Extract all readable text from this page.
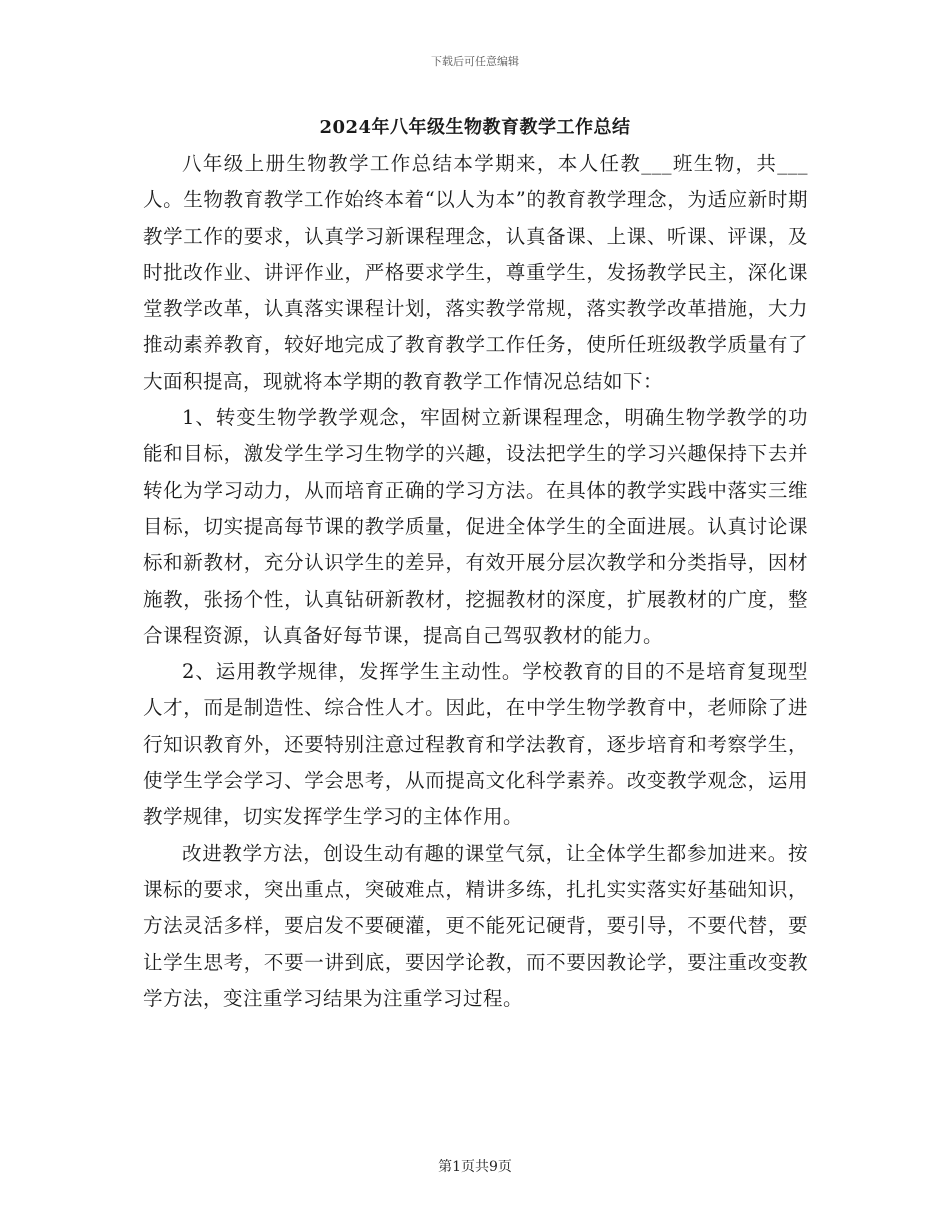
下载后可任意编辑
2024年八年级生物教育教学工作总结

八年级上册生物教学工作总结本学期来，本人任教___班生物，共___人。生物教育教学工作始终本着“以人为本”的教育教学理念，为适应新时期教学工作的要求，认真学习新课程理念，认真备课、上课、听课、评课，及时批改作业、讲评作业，严格要求学生，尊重学生，发扬教学民主，深化课堂教学改革，认真落实课程计划，落实教学常规，落实教学改革措施，大力推动素养教育，较好地完成了教育教学工作任务，使所任班级教学质量有了大面积提高，现就将本学期的教育教学工作情况总结如下：

1、转变生物学教学观念，牢固树立新课程理念，明确生物学教学的功能和目标，激发学生学习生物学的兴趣，设法把学生的学习兴趣保持下去并转化为学习动力，从而培育正确的学习方法。在具体的教学实践中落实三维目标，切实提高每节课的教学质量，促进全体学生的全面进展。认真讨论课标和新教材，充分认识学生的差异，有效开展分层次教学和分类指导，因材施教，张扬个性，认真钻研新教材，挖掘教材的深度，扩展教材的广度，整合课程资源，认真备好每节课，提高自己驾驭教材的能力。

2、运用教学规律，发挥学生主动性。学校教育的目的不是培育复现型人才，而是制造性、综合性人才。因此，在中学生物学教育中，老师除了进行知识教育外，还要特别注意过程教育和学法教育，逐步培育和考察学生，使学生学会学习、学会思考，从而提高文化科学素养。改变教学观念，运用教学规律，切实发挥学生学习的主体作用。

改进教学方法，创设生动有趣的课堂气氛，让全体学生都参加进来。按课标的要求，突出重点，突破难点，精讲多练，扎扎实实落实好基础知识，方法灵活多样，要启发不要硬灌，更不能死记硬背，要引导，不要代替，要让学生思考，不要一讲到底，要因学论教，而不要因教论学，要注重改变教学方法，变注重学习结果为注重学习过程。

第1页共9页
